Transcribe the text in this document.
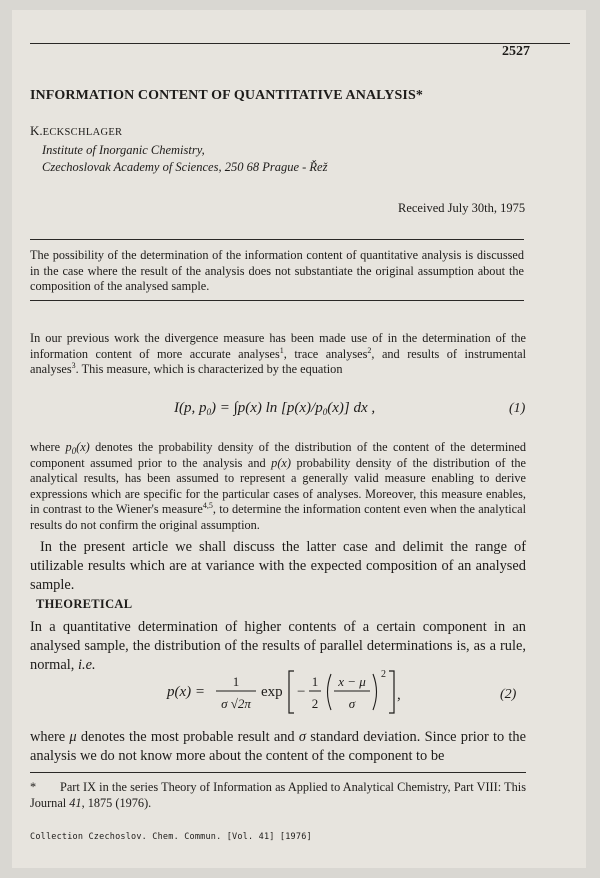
2527
INFORMATION CONTENT OF QUANTITATIVE ANALYSIS*
K.ECKSCHLAGER
Institute of Inorganic Chemistry,
Czechoslovak Academy of Sciences, 250 68 Prague - Řež
Received July 30th, 1975
The possibility of the determination of the information content of quantitative analysis is discussed in the case where the result of the analysis does not substantiate the original assumption about the composition of the analysed sample.
In our previous work the divergence measure has been made use of in the determination of the information content of more accurate analyses$^1$, trace analyses$^2$, and results of instrumental analyses$^3$. This measure, which is characterized by the equation
I(p, $p_0) = \int p(x)$ $\ln [p(x)/p_0(x)]$ dx ,	(1)
where $p_0(x)$ denotes the probability density of the distribution of the content of the determined component assumed prior to the analysis and p(x) probability density of the distribution of the analytical results, has been assumed to represent a generally valid measure enabling to derive expressions which are specific for the particular cases of analyses. Moreover, this measure enables, in contrast to the Wiener's measure$^{4,5}$, to determine the information content even when the analytical results do not confirm the original assumption.
In the present article we shall discuss the latter case and delimit the range of utilizable results which are at variance with the expected composition of an analysed sample.
THEORETICAL
In a quantitative determination of higher contents of a certain component in an analysed sample, the distribution of the results of parallel determinations is, as a rule, normal, i.e.
p(x) =
1
σ √2π
exp −
1
2
x − μ
σ
2
,	(2)
where μ denotes the most probable result and σ standard deviation. Since prior to the analysis we do not know more about the content of the component to be
* Part IX in the series Theory of Information as Applied to Analytical Chemistry, Part VIII: This Journal 41, 1875 (1976).
Collection Czechoslov. Chem. Commun. [Vol. 41] [1976]
